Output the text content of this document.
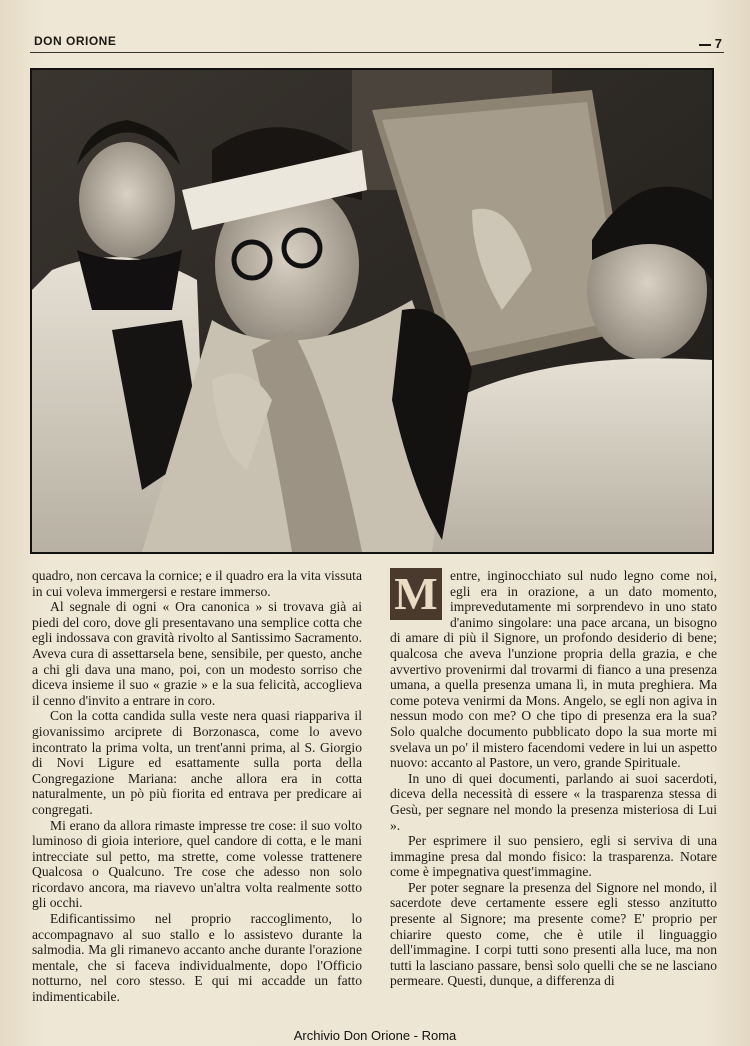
DON ORIONE	7

quadro, non cercava la cornice; e il quadro era la vita vissuta in cui voleva immergersi e restare immerso.

Al segnale di ogni « Ora canonica » si trovava già ai piedi del coro, dove gli presentavano una semplice cotta che egli indossava con gravità rivolto al Santissimo Sacramento. Aveva cura di assettarsela bene, sensibile, per questo, anche a chi gli dava una mano, poi, con un modesto sorriso che diceva insieme il suo « grazie » e la sua felicità, accoglieva il cenno d'invito a entrare in coro.

Con la cotta candida sulla veste nera quasi riappariva il giovanissimo arciprete di Borzonasca, come lo avevo incontrato la prima volta, un trent'anni prima, al S. Giorgio di Novi Ligure ed esattamente sulla porta della Congregazione Mariana: anche allora era in cotta naturalmente, un pò più fiorita ed entrava per predicare ai congregati.

Mi erano da allora rimaste impresse tre cose: il suo volto luminoso di gioia interiore, quel candore di cotta, e le mani intrecciate sul petto, ma strette, come volesse trattenere Qualcosa o Qualcuno. Tre cose che adesso non solo ricordavo ancora, ma riavevo un'altra volta realmente sotto gli occhi.

Edificantissimo nel proprio raccoglimento, lo accompagnavo al suo stallo e lo assistevo durante la salmodia. Ma gli rimanevo accanto anche durante l'orazione mentale, che si faceva individualmente, dopo l'Officio notturno, nel coro stesso. E qui mi accadde un fatto indimenticabile.

M entre, inginocchiato sul nudo legno come noi, egli era in orazione, a un dato momento, imprevedutamente mi sorprendevo in uno stato d'animo singolare: una pace arcana, un bisogno di amare di più il Signore, un profondo desiderio di bene; qualcosa che aveva l'unzione propria della grazia, e che avvertivo provenirmi dal trovarmi di fianco a una presenza umana, a quella presenza umana lì, in muta preghiera. Ma come poteva venirmi da Mons. Angelo, se egli non agiva in nessun modo con me? O che tipo di presenza era la sua? Solo qualche documento pubblicato dopo la sua morte mi svelava un po' il mistero facendomi vedere in lui un aspetto nuovo: accanto al Pastore, un vero, grande Spirituale.

In uno di quei documenti, parlando ai suoi sacerdoti, diceva della necessità di essere « la trasparenza stessa di Gesù, per segnare nel mondo la presenza misteriosa di Lui ».

Per esprimere il suo pensiero, egli si serviva di una immagine presa dal mondo fisico: la trasparenza. Notare come è impegnativa quest'immagine.

Per poter segnare la presenza del Signore nel mondo, il sacerdote deve certamente essere egli stesso anzitutto presente al Signore; ma presente come? E' proprio per chiarire questo come, che è utile il linguaggio dell'immagine. I corpi tutti sono presenti alla luce, ma non tutti la lasciano passare, bensì solo quelli che se ne lasciano permeare. Questi, dunque, a differenza di

Archivio Don Orione - Roma
